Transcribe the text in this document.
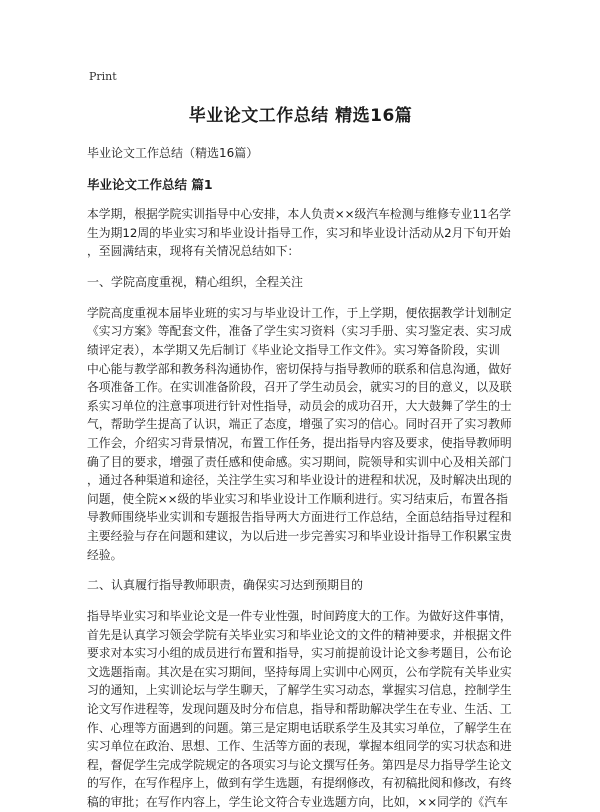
Print
毕业论文工作总结 精选16篇
毕业论文工作总结（精选16篇）
毕业论文工作总结 篇1
本学期，根据学院实训指导中心安排，本人负责××级汽车检测与维修专业11名学
生为期12周的毕业实习和毕业设计指导工作，实习和毕业设计活动从2月下旬开始
，至圆满结束，现将有关情况总结如下：
一、学院高度重视，精心组织，全程关注
学院高度重视本届毕业班的实习与毕业设计工作，于上学期，便依据教学计划制定
《实习方案》等配套文件，准备了学生实习资料（实习手册、实习鉴定表、实习成
绩评定表），本学期又先后制订《毕业论文指导工作文件》。实习筹备阶段，实训
中心能与教学部和教务科沟通协作，密切保持与指导教师的联系和信息沟通，做好
各项准备工作。在实训准备阶段，召开了学生动员会，就实习的目的意义，以及联
系实习单位的注意事项进行针对性指导，动员会的成功召开，大大鼓舞了学生的士
气，帮助学生提高了认识，端正了态度，增强了实习的信心。同时召开了实习教师
工作会，介绍实习背景情况，布置工作任务，提出指导内容及要求，使指导教师明
确了目的要求，增强了责任感和使命感。实习期间，院领导和实训中心及相关部门
，通过各种渠道和途径，关注学生实习和毕业设计的进程和状况，及时解决出现的
问题，使全院××级的毕业实习和毕业设计工作顺利进行。实习结束后，布置各指
导教师围绕毕业实训和专题报告指导两大方面进行工作总结，全面总结指导过程和
主要经验与存在问题和建议，为以后进一步完善实习和毕业设计指导工作积累宝贵
经验。
二、认真履行指导教师职责，确保实习达到预期目的
指导毕业实习和毕业论文是一件专业性强，时间跨度大的工作。为做好这件事情，
首先是认真学习领会学院有关毕业实习和毕业论文的文件的精神要求，并根据文件
要求对本实习小组的成员进行布置和指导，实习前提前设计论文参考题目，公布论
文选题指南。其次是在实习期间，坚持每周上实训中心网页，公布学院有关毕业实
习的通知，上实训论坛与学生聊天，了解学生实习动态，掌握实习信息，控制学生
论文写作进程等，发现问题及时分布信息，指导和帮助解决学生在专业、生活、工
作、心理等方面遇到的问题。第三是定期电话联系学生及其实习单位，了解学生在
实习单位在政治、思想、工作、生活等方面的表现，掌握本组同学的实习状态和进
程，督促学生完成学院规定的各项实习与论文撰写任务。第四是尽力指导学生论文
的写作，在写作程序上，做到有学生选题，有提纲修改，有初稿批阅和修改，有终
稿的审批；在写作内容上，学生论文符合专业选题方向，比如，××同学的《汽车
